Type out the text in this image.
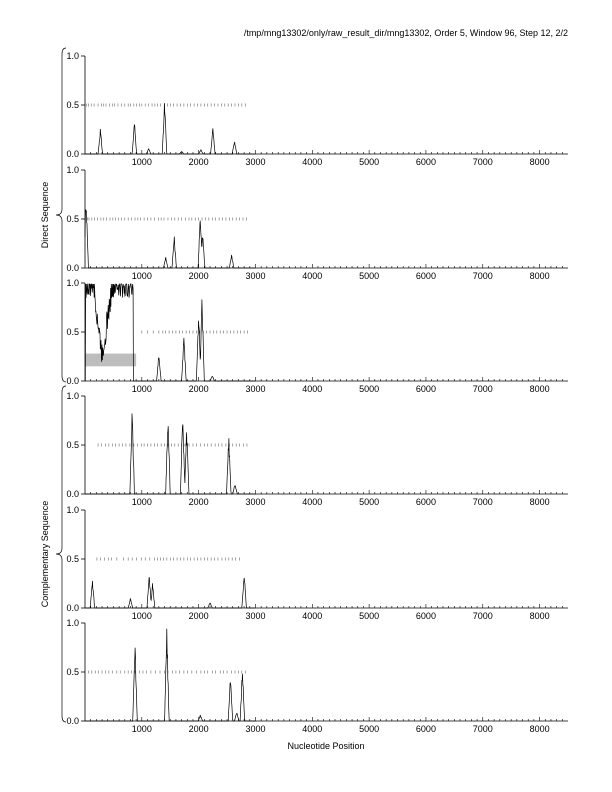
/tmp/mng13302/only/raw_result_dir/mng13302, Order 5, Window 96, Step 12, 2/2
0.0
0.5
1.0
1000	2000	3000	4000	5000	6000	7000	8000
0.0
0.5
1.0
1000	2000	3000	4000	5000	6000	7000	8000
0.0
0.5
1.0
1000	2000	3000	4000	5000	6000	7000	8000
0.0
0.5
1.0
1000	2000	3000	4000	5000	6000	7000	8000
0.0
0.5
1.0
1000	2000	3000	4000	5000	6000	7000	8000
0.0
0.5
1.0
1000	2000	3000	4000	5000	6000	7000	8000
Direct Sequence
Complementary Sequence
Nucleotide Position
